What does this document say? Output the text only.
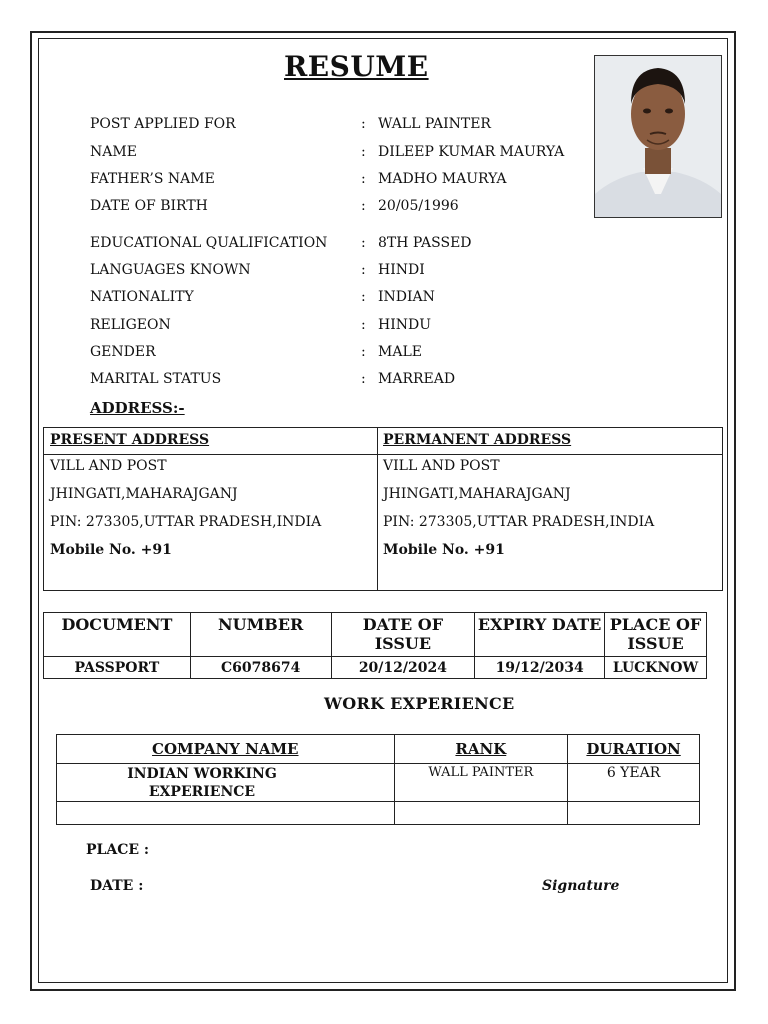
RESUME
POST APPLIED FOR	: WALL PAINTER
NAME	: DILEEP KUMAR MAURYA
FATHER’S NAME	: MADHO MAURYA
DATE OF BIRTH	: 20/05/1996
EDUCATIONAL QUALIFICATION : 8TH PASSED
LANGUAGES KNOWN	: HINDI
NATIONALITY	: INDIAN
RELIGEON	: HINDU
GENDER	: MALE
MARITAL STATUS	: MARREAD
ADDRESS:-
PRESENT ADDRESS
VILL AND POST
JHINGATI,MAHARAJGANJ
PIN: 273305,UTTAR PRADESH,INDIA
Mobile No. +91
PERMANENT ADDRESS
VILL AND POST
JHINGATI,MAHARAJGANJ
PIN: 273305,UTTAR PRADESH,INDIA
Mobile No. +91
DOCUMENT	NUMBER	DATE OF ISSUE	EXPIRY DATE	PLACE OF ISSUE
PASSPORT	C6078674	20/12/2024	19/12/2034	LUCKNOW
WORK EXPERIENCE
COMPANY NAME	RANK	DURATION

INDIAN WORKING EXPERIENCE	WALL PAINTER	6 YEAR

PLACE :
DATE :	Signature
